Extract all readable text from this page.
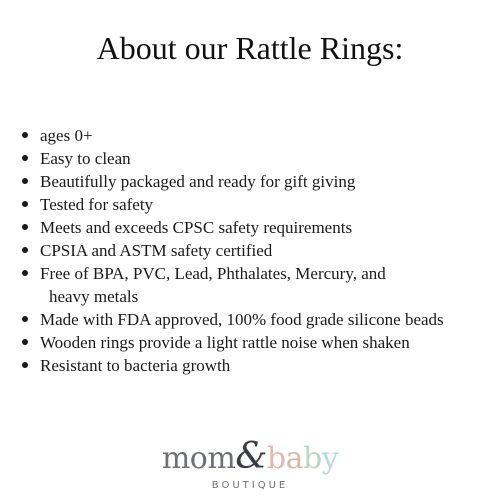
About our Rattle Rings:
ages 0+
Easy to clean
Beautifully packaged and ready for gift giving
Tested for safety
Meets and exceeds CPSC safety requirements
CPSIA and ASTM safety certified
Free of BPA, PVC, Lead, Phthalates, Mercury, and
heavy metals
Made with FDA approved, 100% food grade silicone beads
Wooden rings provide a light rattle noise when shaken
Resistant to bacteria growth
mom&baby
BOUTIQUE
